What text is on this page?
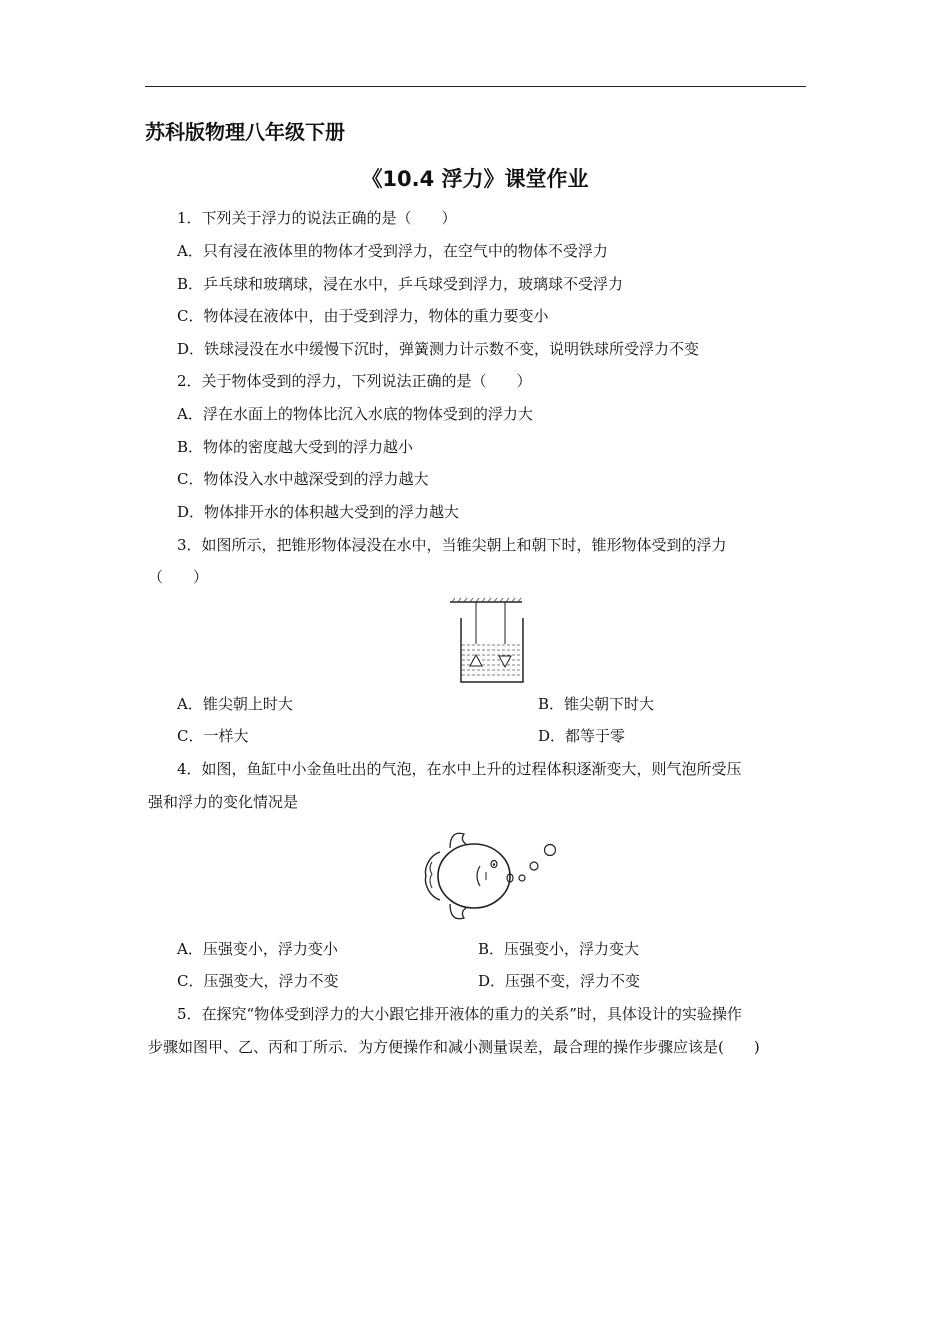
苏科版物理八年级下册
《10.4 浮力》课堂作业
1．下列关于浮力的说法正确的是（　　）
A．只有浸在液体里的物体才受到浮力，在空气中的物体不受浮力
B．乒乓球和玻璃球，浸在水中，乒乓球受到浮力，玻璃球不受浮力
C．物体浸在液体中，由于受到浮力，物体的重力要变小
D．铁球浸没在水中缓慢下沉时，弹簧测力计示数不变，说明铁球所受浮力不变
2．关于物体受到的浮力，下列说法正确的是（　　）
A．浮在水面上的物体比沉入水底的物体受到的浮力大
B．物体的密度越大受到的浮力越小
C．物体没入水中越深受到的浮力越大
D．物体排开水的体积越大受到的浮力越大
3．如图所示，把锥形物体浸没在水中，当锥尖朝上和朝下时，锥形物体受到的浮力
（　　）
A．锥尖朝上时大	B．锥尖朝下时大
C．一样大	D．都等于零
4．如图，鱼缸中小金鱼吐出的气泡，在水中上升的过程体积逐渐变大，则气泡所受压
强和浮力的变化情况是
A．压强变小，浮力变小	B．压强变小，浮力变大
C．压强变大，浮力不变	D．压强不变，浮力不变
5．在探究“物体受到浮力的大小跟它排开液体的重力的关系”时，具体设计的实验操作
步骤如图甲、乙、丙和丁所示．为方便操作和减小测量误差，最合理的操作步骤应该是(　　)
